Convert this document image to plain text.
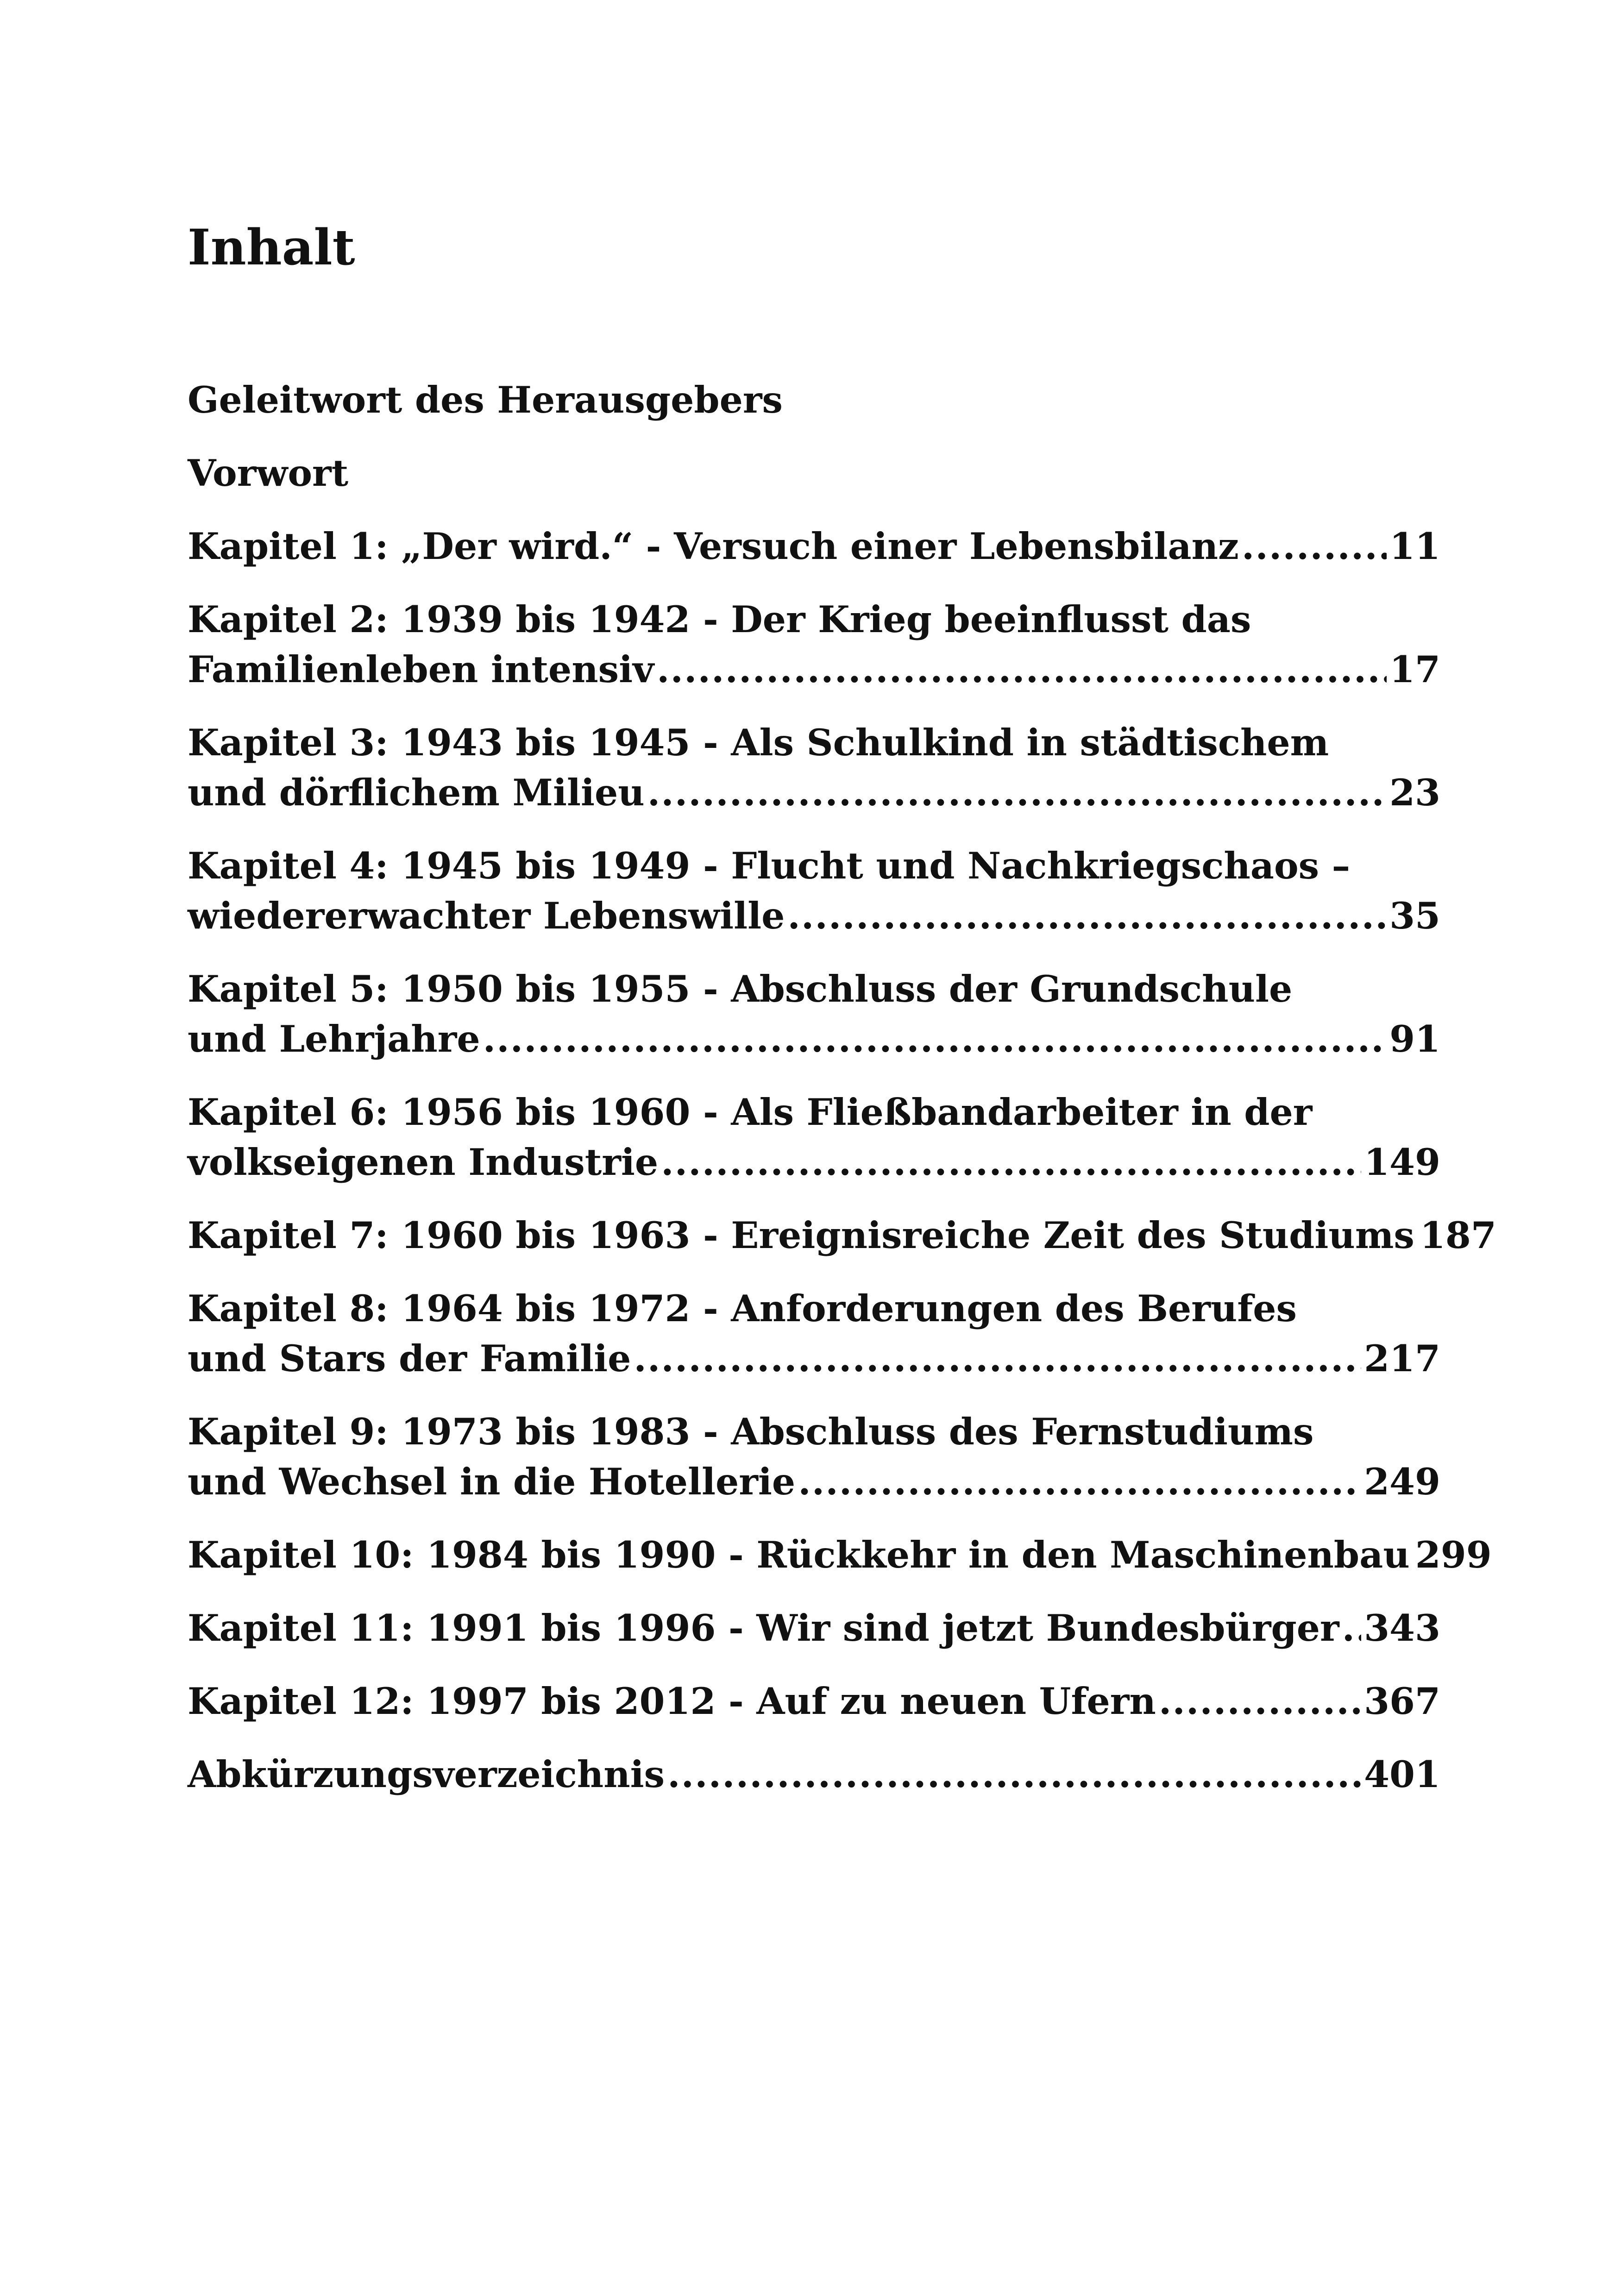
Inhalt
Geleitwort des Herausgebers
Vorwort
Kapitel 1: „Der wird.“ - Versuch einer Lebensbilanz .....	11
Kapitel 2: 1939 bis 1942 - Der Krieg beeinflusst das
Familienleben intensiv .....	17
Kapitel 3: 1943 bis 1945 - Als Schulkind in städtischem
und dörflichem Milieu .....	23
Kapitel 4: 1945 bis 1949 - Flucht und Nachkriegschaos –
wiedererwachter Lebenswille .....	35
Kapitel 5: 1950 bis 1955 - Abschluss der Grundschule
und Lehrjahre .....	91
Kapitel 6: 1956 bis 1960 - Als Fließbandarbeiter in der
volkseigenen Industrie .....	149
Kapitel 7: 1960 bis 1963 - Ereignisreiche Zeit des Studiums 187
Kapitel 8: 1964 bis 1972 - Anforderungen des Berufes
und Stars der Familie .....	217
Kapitel 9: 1973 bis 1983 - Abschluss des Fernstudiums
und Wechsel in die Hotellerie .....	249
Kapitel 10: 1984 bis 1990 - Rückkehr in den Maschinenbau 299
Kapitel 11: 1991 bis 1996 - Wir sind jetzt Bundesbürger ..... 343
Kapitel 12: 1997 bis 2012 - Auf zu neuen Ufern .....	367
Abkürzungsverzeichnis .....	401
